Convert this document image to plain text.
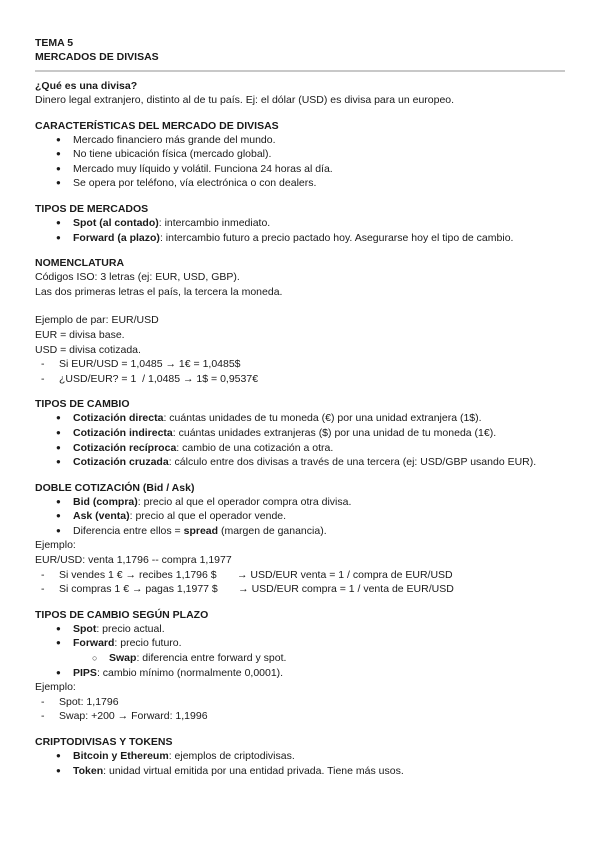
TEMA 5
MERCADOS DE DIVISAS
¿Qué es una divisa?
Dinero legal extranjero, distinto al de tu país. Ej: el dólar (USD) es divisa para un europeo.
CARACTERÍSTICAS DEL MERCADO DE DIVISAS
● Mercado financiero más grande del mundo.
● No tiene ubicación física (mercado global).
● Mercado muy líquido y volátil. Funciona 24 horas al día.
● Se opera por teléfono, vía electrónica o con dealers.
TIPOS DE MERCADOS
● Spot (al contado): intercambio inmediato.
● Forward (a plazo): intercambio futuro a precio pactado hoy. Asegurarse hoy el tipo de cambio.
NOMENCLATURA
Códigos ISO: 3 letras (ej: EUR, USD, GBP).
Las dos primeras letras el país, la tercera la moneda.
Ejemplo de par: EUR/USD
EUR = divisa base.
USD = divisa cotizada.
- Si EUR/USD = 1,0485 → 1€ = 1,0485$
- ¿USD/EUR? = 1  / 1,0485 → 1$ = 0,9537€
TIPOS DE CAMBIO
● Cotización directa: cuántas unidades de tu moneda (€) por una unidad extranjera (1$).
● Cotización indirecta: cuántas unidades extranjeras ($) por una unidad de tu moneda (1€).
● Cotización recíproca: cambio de una cotización a otra.
● Cotización cruzada: cálculo entre dos divisas a través de una tercera (ej: USD/GBP usando EUR).
DOBLE COTIZACIÓN (Bid / Ask)
● Bid (compra): precio al que el operador compra otra divisa.
● Ask (venta): precio al que el operador vende.
● Diferencia entre ellos = spread (margen de ganancia).
Ejemplo:
EUR/USD: venta 1,1796 -- compra 1,1977
- Si vendes 1 € → recibes 1,1796 $       → USD/EUR venta = 1 / compra de EUR/USD
- Si compras 1 € → pagas 1,1977 $       → USD/EUR compra = 1 / venta de EUR/USD
TIPOS DE CAMBIO SEGÚN PLAZO
● Spot: precio actual.
● Forward: precio futuro.
○ Swap: diferencia entre forward y spot.
● PIPS: cambio mínimo (normalmente 0,0001).
Ejemplo:
- Spot: 1,1796
- Swap: +200 → Forward: 1,1996
CRIPTODIVISAS Y TOKENS
● Bitcoin y Ethereum: ejemplos de criptodivisas.
● Token: unidad virtual emitida por una entidad privada. Tiene más usos.
